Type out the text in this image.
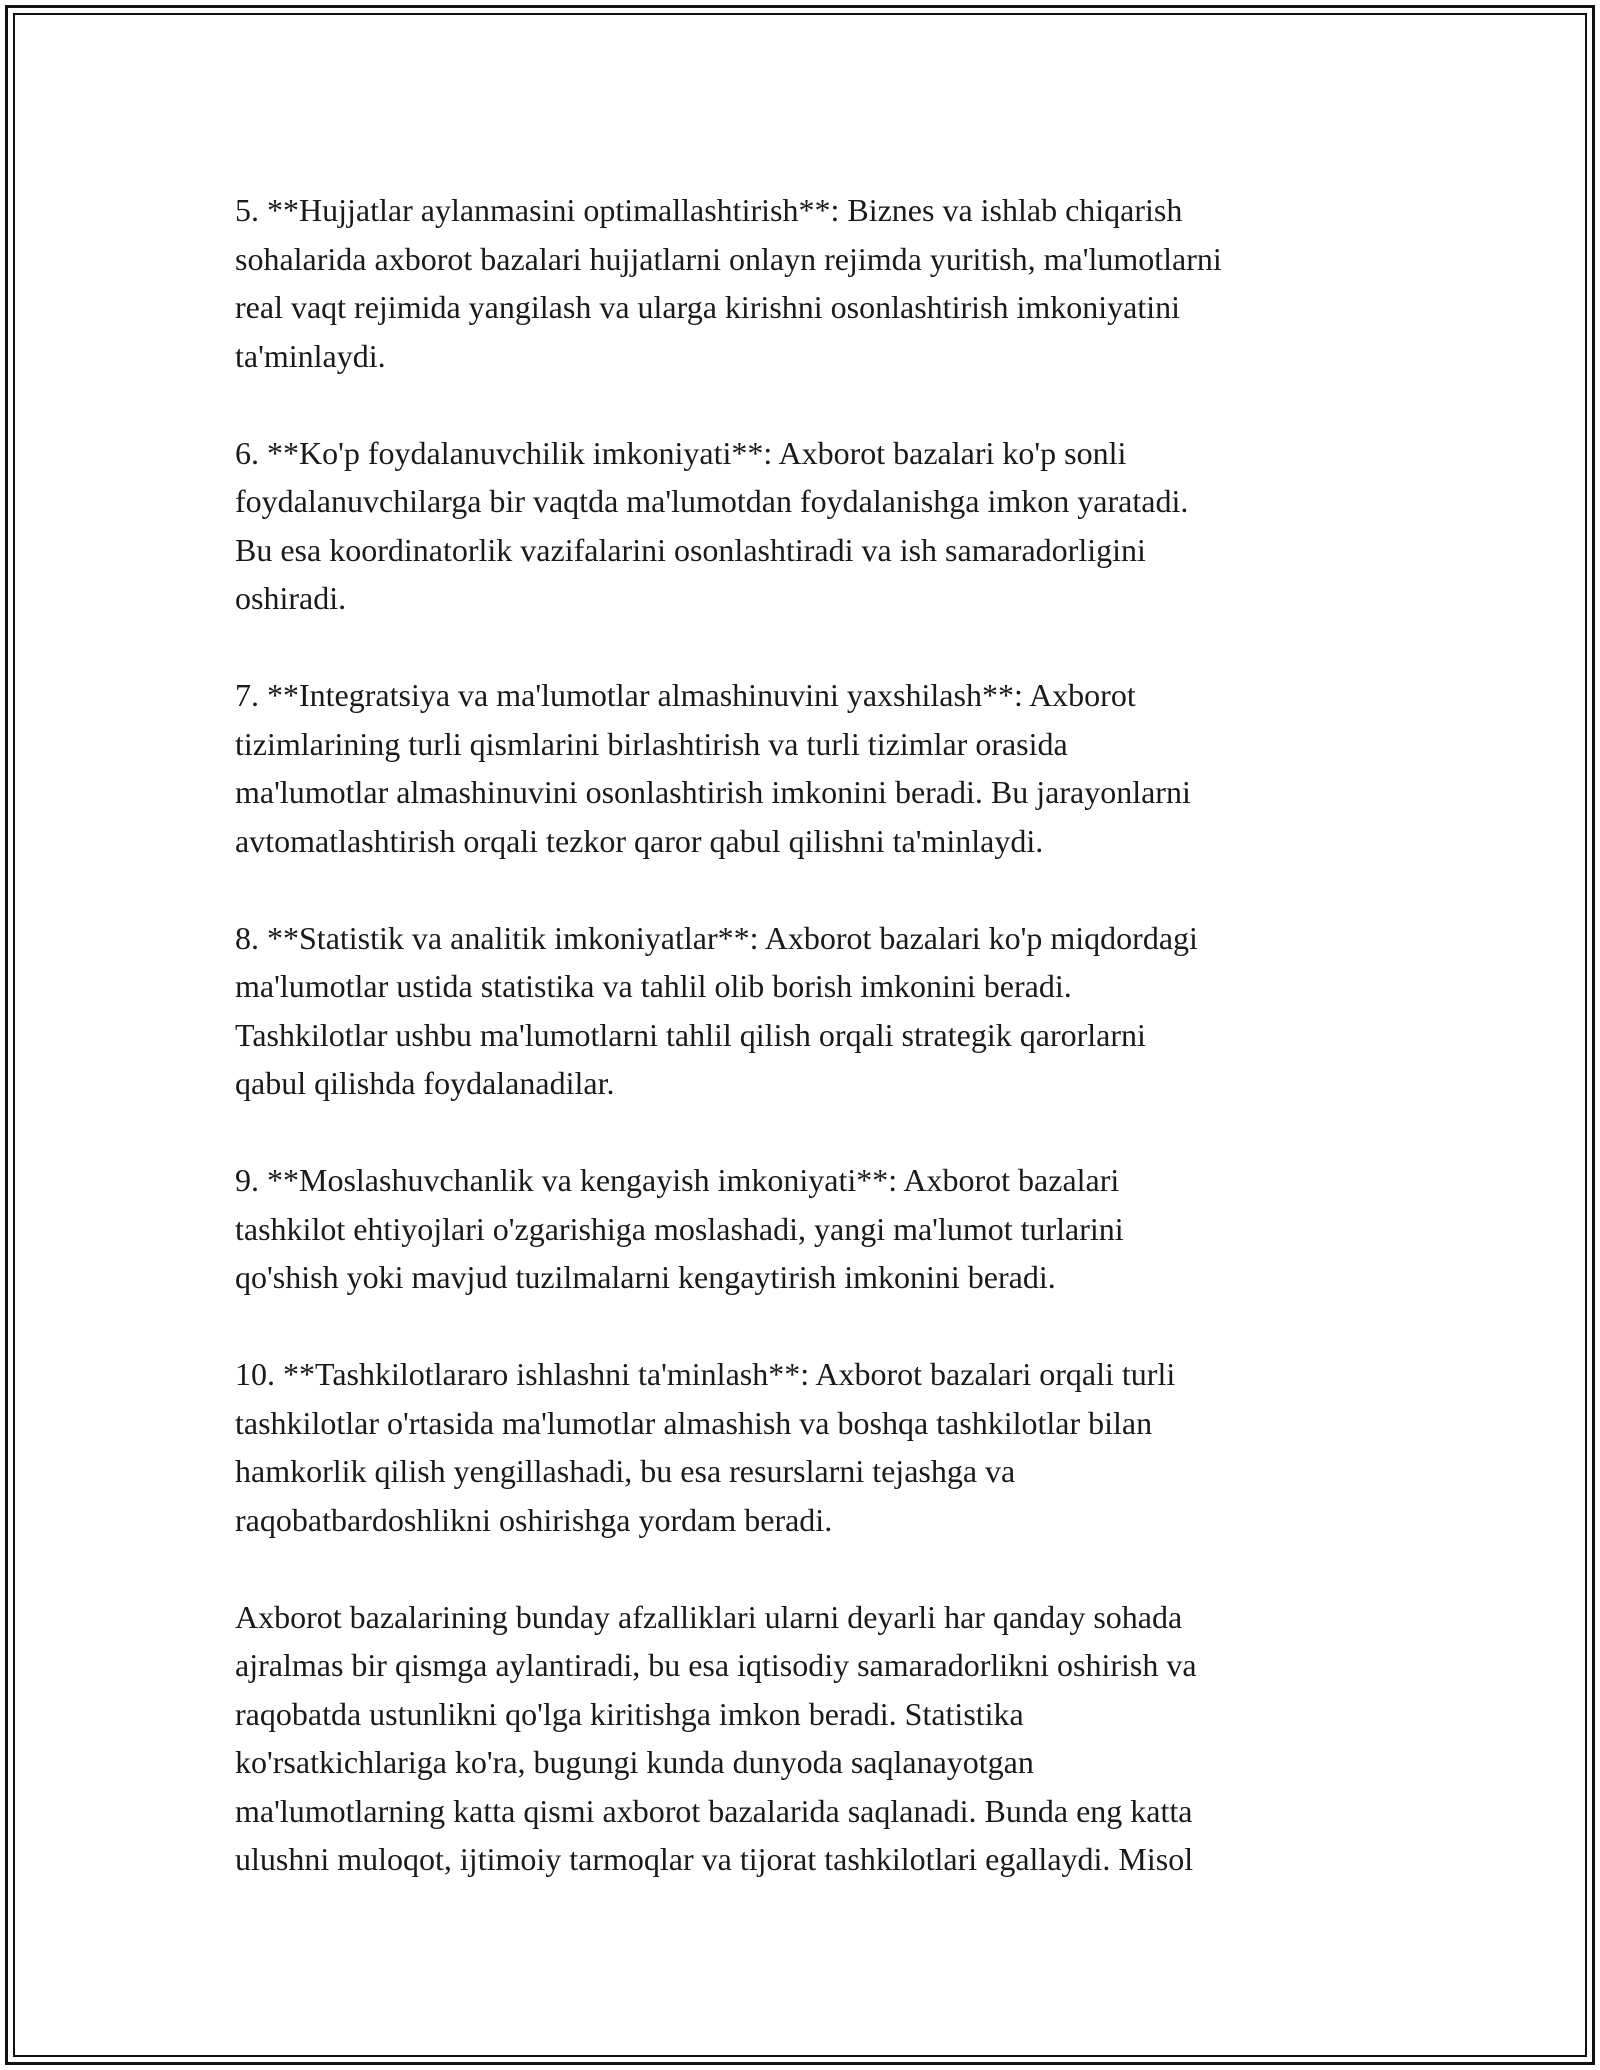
5. **Hujjatlar aylanmasini optimallashtirish**: Biznes va ishlab chiqarish
sohalarida axborot bazalari hujjatlarni onlayn rejimda yuritish, ma'lumotlarni
real vaqt rejimida yangilash va ularga kirishni osonlashtirish imkoniyatini
ta'minlaydi.

6. **Ko'p foydalanuvchilik imkoniyati**: Axborot bazalari ko'p sonli
foydalanuvchilarga bir vaqtda ma'lumotdan foydalanishga imkon yaratadi.
Bu esa koordinatorlik vazifalarini osonlashtiradi va ish samaradorligini
oshiradi.

7. **Integratsiya va ma'lumotlar almashinuvini yaxshilash**: Axborot
tizimlarining turli qismlarini birlashtirish va turli tizimlar orasida
ma'lumotlar almashinuvini osonlashtirish imkonini beradi. Bu jarayonlarni
avtomatlashtirish orqali tezkor qaror qabul qilishni ta'minlaydi.

8. **Statistik va analitik imkoniyatlar**: Axborot bazalari ko'p miqdordagi
ma'lumotlar ustida statistika va tahlil olib borish imkonini beradi.
Tashkilotlar ushbu ma'lumotlarni tahlil qilish orqali strategik qarorlarni
qabul qilishda foydalanadilar.

9. **Moslashuvchanlik va kengayish imkoniyati**: Axborot bazalari
tashkilot ehtiyojlari o'zgarishiga moslashadi, yangi ma'lumot turlarini
qo'shish yoki mavjud tuzilmalarni kengaytirish imkonini beradi.

10. **Tashkilotlararo ishlashni ta'minlash**: Axborot bazalari orqali turli
tashkilotlar o'rtasida ma'lumotlar almashish va boshqa tashkilotlar bilan
hamkorlik qilish yengillashadi, bu esa resurslarni tejashga va
raqobatbardoshlikni oshirishga yordam beradi.

Axborot bazalarining bunday afzalliklari ularni deyarli har qanday sohada
ajralmas bir qismga aylantiradi, bu esa iqtisodiy samaradorlikni oshirish va
raqobatda ustunlikni qo'lga kiritishga imkon beradi. Statistika
ko'rsatkichlariga ko'ra, bugungi kunda dunyoda saqlanayotgan
ma'lumotlarning katta qismi axborot bazalarida saqlanadi. Bunda eng katta
ulushni muloqot, ijtimoiy tarmoqlar va tijorat tashkilotlari egallaydi. Misol
